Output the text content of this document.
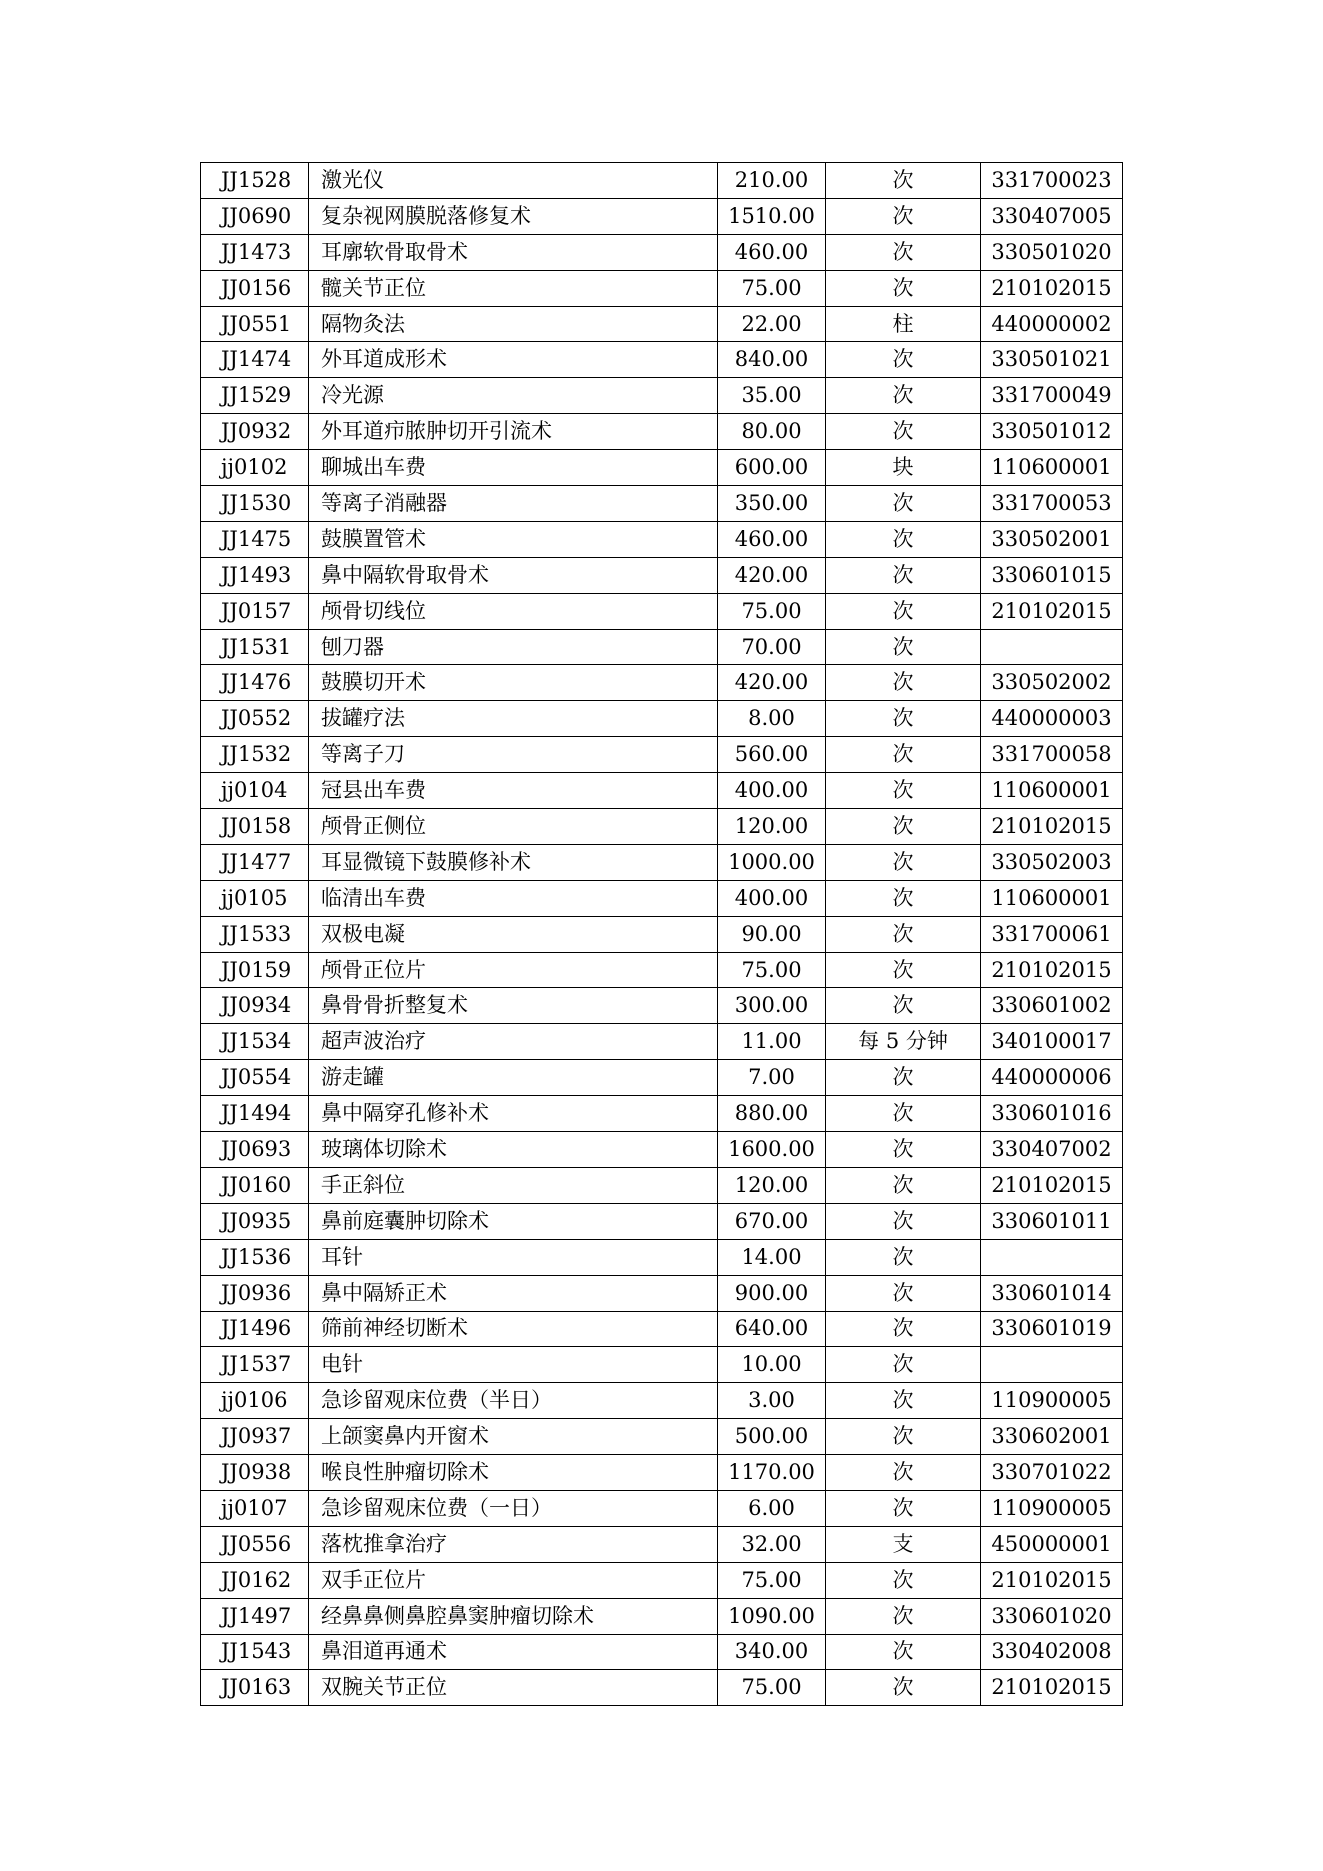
JJ1528	激光仪	210.00	次	331700023
JJ0690	复杂视网膜脱落修复术	1510.00	次	330407005
JJ1473	耳廓软骨取骨术	460.00	次	330501020
JJ0156	髋关节正位	75.00	次	210102015
JJ0551	隔物灸法	22.00	柱	440000002
JJ1474	外耳道成形术	840.00	次	330501021
JJ1529	冷光源	35.00	次	331700049
JJ0932	外耳道疖脓肿切开引流术	80.00	次	330501012
jj0102	聊城出车费	600.00	块	110600001
JJ1530	等离子消融器	350.00	次	331700053
JJ1475	鼓膜置管术	460.00	次	330502001
JJ1493	鼻中隔软骨取骨术	420.00	次	330601015
JJ0157	颅骨切线位	75.00	次	210102015
JJ1531	刨刀器	70.00	次	
JJ1476	鼓膜切开术	420.00	次	330502002
JJ0552	拔罐疗法	8.00	次	440000003
JJ1532	等离子刀	560.00	次	331700058
jj0104	冠县出车费	400.00	次	110600001
JJ0158	颅骨正侧位	120.00	次	210102015
JJ1477	耳显微镜下鼓膜修补术	1000.00	次	330502003
jj0105	临清出车费	400.00	次	110600001
JJ1533	双极电凝	90.00	次	331700061
JJ0159	颅骨正位片	75.00	次	210102015
JJ0934	鼻骨骨折整复术	300.00	次	330601002
JJ1534	超声波治疗	11.00	每 5 分钟	340100017
JJ0554	游走罐	7.00	次	440000006
JJ1494	鼻中隔穿孔修补术	880.00	次	330601016
JJ0693	玻璃体切除术	1600.00	次	330407002
JJ0160	手正斜位	120.00	次	210102015
JJ0935	鼻前庭囊肿切除术	670.00	次	330601011
JJ1536	耳针	14.00	次	
JJ0936	鼻中隔矫正术	900.00	次	330601014
JJ1496	筛前神经切断术	640.00	次	330601019
JJ1537	电针	10.00	次	
jj0106	急诊留观床位费（半日）	3.00	次	110900005
JJ0937	上颌窦鼻内开窗术	500.00	次	330602001
JJ0938	喉良性肿瘤切除术	1170.00	次	330701022
jj0107	急诊留观床位费（一日）	6.00	次	110900005
JJ0556	落枕推拿治疗	32.00	支	450000001
JJ0162	双手正位片	75.00	次	210102015
JJ1497	经鼻鼻侧鼻腔鼻窦肿瘤切除术	1090.00	次	330601020
JJ1543	鼻泪道再通术	340.00	次	330402008
JJ0163	双腕关节正位	75.00	次	210102015
